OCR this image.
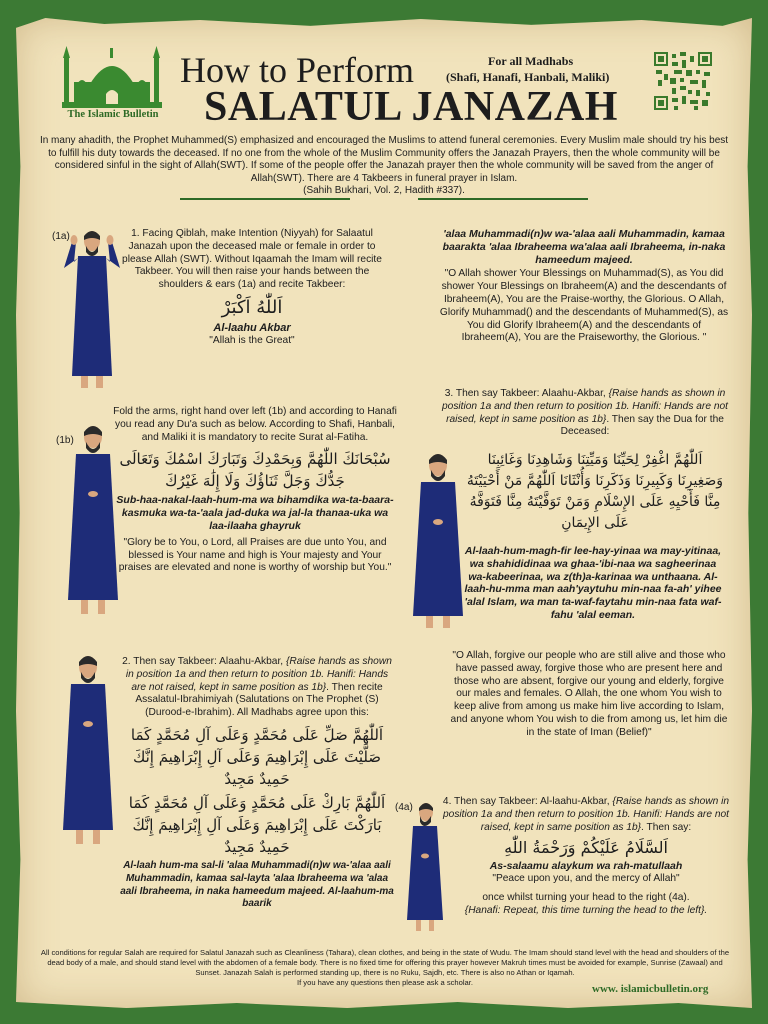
The Islamic Bulletin
How to Perform
SALATUL JANAZAH
For all Madhabs
(Shafi, Hanafi, Hanbali, Maliki)
In many ahadith, the Prophet Muhammed(S) emphasized and encouraged the Muslims to attend funeral ceremonies. Every Muslim male should try his best to fulfill his duty towards the deceased. If no one from the whole of the Muslim Community offers the Janazah Prayers, then the whole community will be considered sinful in the sight of Allah(SWT). If some of the people offer the Janazah prayer then the whole community will be saved from the anger of Allah(SWT). There are 4 Takbeers in funeral prayer in Islam.
(Sahih Bukhari, Vol. 2, Hadith #337).
(1a)
(1b)
(4a)
1. Facing Qiblah, make Intention (Niyyah) for Salaatul Janazah upon the deceased male or female in order to please Allah (SWT). Without Iqaamah the Imam will recite Takbeer. You will then raise your hands between the shoulders & ears (1a) and recite Takbeer:
اَللّٰهُ اَكْبَرْ
Al-laahu Akbar
"Allah is the Great"
Fold the arms, right hand over left (1b) and according to Hanafi you read any Du'a such as below. According to Shafi, Hanbali, and Maliki it is mandatory to recite Surat al-Fatiha.
سُبْحَانَكَ اللّٰهُمَّ وَبِحَمْدِكَ وَتَبَارَكَ اسْمُكَ وَتَعَالَى جَدُّكَ وَجَلَّ ثَنَاؤُكَ وَلَا إِلَٰهَ غَيْرُكَ
Sub-haa-nakal-laah-hum-ma wa bihamdika wa-ta-baara-kasmuka wa-ta-'aala jad-duka wa jal-la thanaa-uka wa laa-ilaaha ghayruk
"Glory be to You, o Lord, all Praises are due unto You, and blessed is Your name and high is Your majesty and Your praises are elevated and none is worthy of worship but You."
2. Then say Takbeer: Alaahu-Akbar, {Raise hands as shown in position 1a and then return to position 1b. Hanifi: Hands are not raised, kept in same position as 1b}. Then recite Assalatul-Ibrahimiyah (Salutations on The Prophet (S) (Durood-e-Ibrahim). All Madhabs agree upon this:
اَللّٰهُمَّ صَلِّ عَلَى مُحَمَّدٍ وَعَلَى آلِ مُحَمَّدٍ كَمَا صَلَّيْتَ عَلَى إِبْرَاهِيمَ وَعَلَى آلِ إِبْرَاهِيمَ إِنَّكَ حَمِيدٌ مَجِيدٌ
اَللّٰهُمَّ بَارِكْ عَلَى مُحَمَّدٍ وَعَلَى آلِ مُحَمَّدٍ كَمَا بَارَكْتَ عَلَى إِبْرَاهِيمَ وَعَلَى آلِ إِبْرَاهِيمَ إِنَّكَ حَمِيدٌ مَجِيدٌ
Al-laah hum-ma sal-li 'alaa Muhammadi(n)w wa-'alaa aali Muhammadin, kamaa sal-layta 'alaa Ibraheema wa 'alaa aali Ibraheema, in naka hameedum majeed. Al-laahum-ma baarik
'alaa Muhammadi(n)w wa-'alaa aali Muhammadin, kamaa baarakta 'alaa Ibraheema wa'alaa aali Ibraheema, in-naka hameedum majeed.
"O Allah shower Your Blessings on Muhammad(S), as You did shower Your Blessings on Ibraheem(A) and the descendants of Ibraheem(A), You are the Praise-worthy, the Glorious. O Allah, Glorify Muhammad() and the descendants of Muhammed(S), as You did Glorify Ibraheem(A) and the descendants of Ibraheem(A), You are the Praiseworthy, the Glorious. "
3. Then say Takbeer: Alaahu-Akbar, {Raise hands as shown in position 1a and then return to position 1b. Hanifi: Hands are not raised, kept in same position as 1b}. Then say the Dua for the Deceased:
اَللّٰهُمَّ اغْفِرْ لِحَيِّنَا وَمَيِّتِنَا وَشَاهِدِنَا وَغَائِبِنَا وَصَغِيرِنَا وَكَبِيرِنَا وَذَكَرِنَا وَأُنْثَانَا اَللّٰهُمَّ مَنْ أَحْيَيْتَهُ مِنَّا فَأَحْيِهِ عَلَى الإِسْلَامِ وَمَنْ تَوَفَّيْتَهُ مِنَّا فَتَوَفَّهُ عَلَى الإِيمَانِ
Al-laah-hum-magh-fir lee-hay-yinaa wa may-yitinaa, wa shahididinaa wa ghaa-'ibi-naa wa sagheerinaa wa-kabeerinaa, wa z(th)a-karinaa wa unthaana. Al-laah-hu-mma man aah'yaytuhu min-naa fa-ah' yihee 'alal Islam, wa man ta-waf-faytahu min-naa fata waf-fahu 'alal eeman.
"O Allah, forgive our people who are still alive and those who have passed away, forgive those who are present here and those who are absent, forgive our young and elderly, forgive our males and females. O Allah, the one whom You wish to keep alive from among us make him live according to Islam, and anyone whom You wish to die from among us, let him die in the state of Iman (Belief)"
4. Then say Takbeer: Al-laahu-Akbar, {Raise hands as shown in position 1a and then return to position 1b. Hanifi: Hands are not raised, kept in same position as 1b}. Then say:
اَلسَّلَامُ عَلَيْكُمْ وَرَحْمَةُ اللّٰهِ
As-salaamu alaykum wa rah-matullaah
"Peace upon you, and the mercy of Allah"
once whilst turning your head to the right (4a).
{Hanafi: Repeat, this time turning the head to the left}.
All conditions for regular Salah are required for Salatul Janazah such as Cleanliness (Tahara), clean clothes, and being in the state of Wudu. The Imam should stand level with the head and shoulders of the dead body of a male, and should stand level with the abdomen of a female body. There is no fixed time for offering this prayer however Makruh times must be avoided for example, Sunrise (Zawaal) and Sunset. Janazah Salah is performed standing up, there is no Ruku, Sajdh, etc. There is also no Athan or Iqamah.
If you have any questions then please ask a scholar.
www. islamicbulletin.org
